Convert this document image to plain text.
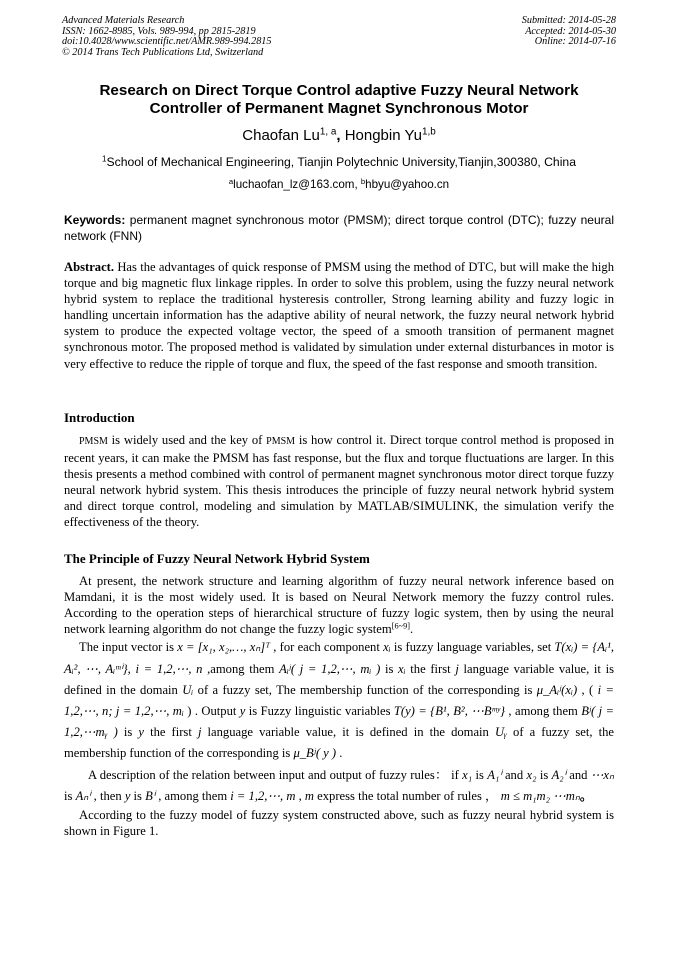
Advanced Materials Research
ISSN: 1662-8985, Vols. 989-994, pp 2815-2819
doi:10.4028/www.scientific.net/AMR.989-994.2815
© 2014 Trans Tech Publications Ltd, Switzerland
Submitted: 2014-05-28
Accepted: 2014-05-30
Online: 2014-07-16
Research on Direct Torque Control adaptive Fuzzy Neural Network
Controller of Permanent Magnet Synchronous Motor
Chaofan Lu$^{1, a}$, Hongbin Yu$^{1,b}$
$^1$School of Mechanical Engineering, Tianjin Polytechnic University,Tianjin,300380, China
$^a$luchaofan_lz@163.com, $^b$hbyu@yahoo.cn
Keywords: permanent magnet synchronous motor (PMSM); direct torque control (DTC); fuzzy neural network (FNN)

Abstract. Has the advantages of quick response of PMSM using the method of DTC, but will make the high torque and big magnetic flux linkage ripples. In order to solve this problem, using the fuzzy neural network hybrid system to replace the traditional hysteresis controller, Strong learning ability and fuzzy logic in handling uncertain information has the adaptive ability of neural network, the fuzzy neural network hybrid system to produce the expected voltage vector, the speed of a smooth transition of permanent magnet synchronous motor. The proposed method is validated by simulation under external disturbances in motor is very effective to reduce the ripple of torque and flux, the speed of the fast response and smooth transition.

Introduction

PMSM is widely used and the key of PMSM is how control it. Direct torque control method is proposed in recent years, it can make the PMSM has fast response, but the flux and torque fluctuations are larger. In this thesis presents a method combined with control of permanent magnet synchronous motor direct torque fuzzy neural network hybrid system. This thesis introduces the principle of fuzzy neural network hybrid system and direct torque control, modeling and simulation by MATLAB/SIMULINK, the simulation verify the effectiveness of the theory.

The Principle of Fuzzy Neural Network Hybrid System

At present, the network structure and learning algorithm of fuzzy neural network inference based on Mamdani, it is the most widely used. It is based on Neural Network memory the fuzzy control rules. According to the operation steps of hierarchical structure of fuzzy logic system, then by using the neural network learning algorithm do not change the fuzzy logic system[6~9].

The input vector is x = [x₁, x₂,…, xₙ]ᵀ , for each component xᵢ is fuzzy language variables, set T(xᵢ) = {Aᵢ¹, Aᵢ², ⋯, Aᵢᵐⁱ}, i = 1,2,⋯, n ,among them Aᵢʲ( j = 1,2,⋯, mᵢ ) is xᵢ the first j language variable value, it is defined in the domain Uᵢ of a fuzzy set, The membership function of the corresponding is μ_Aᵢʲ(xᵢ) , ( i = 1,2,⋯, n; j = 1,2,⋯, mᵢ ) . Output y is Fuzzy linguistic variables T(y) = {B¹, B², ⋯Bᵐʸ} , among them Bʲ( j = 1,2,⋯mᵧ ) is y the first j language variable value, it is defined in the domain Uᵧ of a fuzzy set, the membership function of the corresponding is μ_Bʲ( y ) .

A description of the relation between input and output of fuzzy rules： if x₁ is A₁ⁱ and x₂ is A₂ⁱ and ⋯xₙ is Aₙⁱ , then y is Bⁱ , among them i = 1,2,⋯, m , m express the total number of rules ， m ≤ m₁m₂ ⋯mₙ。

According to the fuzzy model of fuzzy system constructed above, such as fuzzy neural hybrid system is shown in Figure 1.
